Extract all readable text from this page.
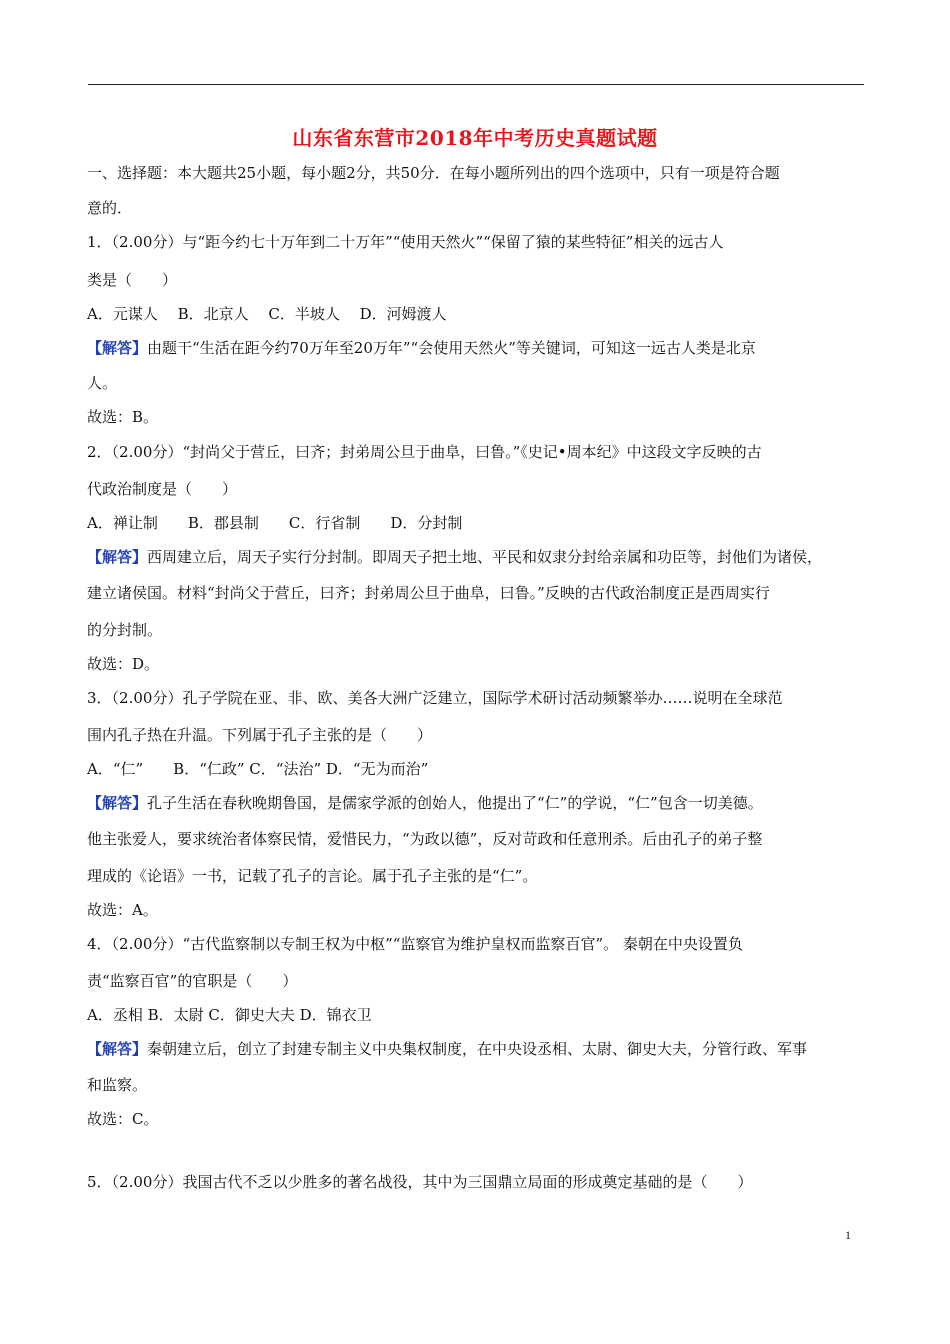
山东省东营市2018年中考历史真题试题
一、选择题：本大题共25小题，每小题2分，共50分．在每小题所列出的四个选项中，只有一项是符合题
意的．
1．（2.00分）与“距今约七十万年到二十万年”“使用天然火”“保留了猿的某些特征”相关的远古人
类是（　　）
A．元谋人　 B．北京人　 C．半坡人　 D．河姆渡人
【解答】由题干“生活在距今约70万年至20万年”“会使用天然火”等关键词，可知这一远古人类是北京
人。
故选：B。
2．（2.00分）“封尚父于营丘，曰齐；封弟周公旦于曲阜，曰鲁。”《史记•周本纪》中这段文字反映的古
代政治制度是（　　）
A．禅让制　　B．郡县制　　C．行省制　　D．分封制
【解答】西周建立后，周天子实行分封制。即周天子把土地、平民和奴隶分封给亲属和功臣等，封他们为诸侯，
建立诸侯国。材料“封尚父于营丘，曰齐；封弟周公旦于曲阜，曰鲁。”反映的古代政治制度正是西周实行
的分封制。
故选：D。
3．（2.00分）孔子学院在亚、非、欧、美各大洲广泛建立，国际学术研讨活动频繁举办……说明在全球范
围内孔子热在升温。下列属于孔子主张的是（　　）
A．“仁”　　B．“仁政” C．“法治” D．“无为而治”
【解答】孔子生活在春秋晚期鲁国，是儒家学派的创始人，他提出了“仁”的学说，“仁”包含一切美德。
他主张爱人，要求统治者体察民情，爱惜民力，“为政以德”，反对苛政和任意刑杀。后由孔子的弟子整
理成的《论语》一书，记载了孔子的言论。属于孔子主张的是“仁”。
故选：A。
4．（2.00分）“古代监察制以专制王权为中枢”“监察官为维护皇权而监察百官”。 秦朝在中央设置负
责“监察百官”的官职是（　　）
A．丞相 B．太尉 C．御史大夫 D．锦衣卫
【解答】秦朝建立后，创立了封建专制主义中央集权制度，在中央设丞相、太尉、御史大夫，分管行政、军事
和监察。
故选：C。
5．（2.00分）我国古代不乏以少胜多的著名战役，其中为三国鼎立局面的形成奠定基础的是（　　）
1
